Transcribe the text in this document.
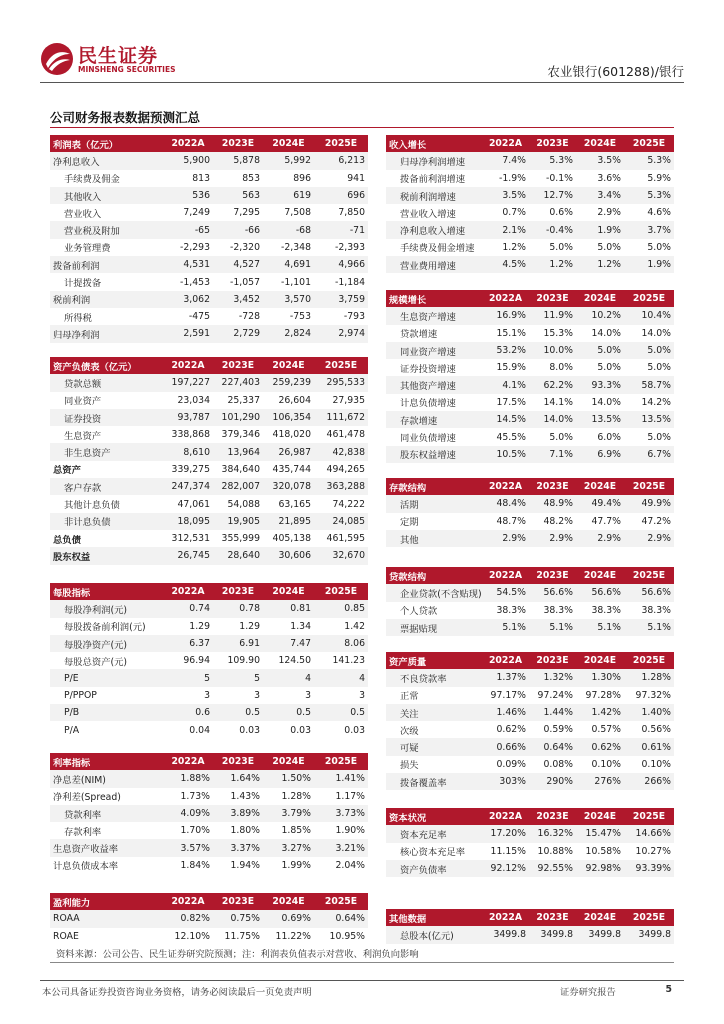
民生证券
MINSHENG SECURITIES	农业银行(601288)/银行
公司财务报表数据预测汇总
利润表（亿元）	2022A	2023E	2024E	2025E
净利息收入	5,900	5,878	5,992	6,213
手续费及佣金	813	853	896	941
其他收入	536	563	619	696
营业收入	7,249	7,295	7,508	7,850
营业税及附加	-65	-66	-68	-71
业务管理费	-2,293	-2,320	-2,348	-2,393
拨备前利润	4,531	4,527	4,691	4,966
计提拨备	-1,453	-1,057	-1,101	-1,184
税前利润	3,062	3,452	3,570	3,759
所得税	-475	-728	-753	-793
归母净利润	2,591	2,729	2,824	2,974
资产负债表（亿元）	2022A	2023E	2024E	2025E
贷款总额	197,227	227,403	259,239	295,533
同业资产	23,034	25,337	26,604	27,935
证券投资	93,787	101,290	106,354	111,672
生息资产	338,868	379,346	418,020	461,478
非生息资产	8,610	13,964	26,987	42,838
总资产	339,275	384,640	435,744	494,265
客户存款	247,374	282,007	320,078	363,288
其他计息负债	47,061	54,088	63,165	74,222
非计息负债	18,095	19,905	21,895	24,085
总负债	312,531	355,999	405,138	461,595
股东权益	26,745	28,640	30,606	32,670
每股指标	2022A	2023E	2024E	2025E
每股净利润(元)	0.74	0.78	0.81	0.85
每股拨备前利润(元)	1.29	1.29	1.34	1.42
每股净资产(元)	6.37	6.91	7.47	8.06
每股总资产(元)	96.94	109.90	124.50	141.23
P/E	5	5	4	4
P/PPOP	3	3	3	3
P/B	0.6	0.5	0.5	0.5
P/A	0.04	0.03	0.03	0.03
利率指标	2022A	2023E	2024E	2025E
净息差(NIM)	1.88%	1.64%	1.50%	1.41%
净利差(Spread)	1.73%	1.43%	1.28%	1.17%
贷款利率	4.09%	3.89%	3.79%	3.73%
存款利率	1.70%	1.80%	1.85%	1.90%
生息资产收益率	3.57%	3.37%	3.27%	3.21%
计息负债成本率	1.84%	1.94%	1.99%	2.04%
盈利能力	2022A	2023E	2024E	2025E
ROAA	0.82%	0.75%	0.69%	0.64%
ROAE	12.10%	11.75%	11.22%	10.95%
收入增长	2022A	2023E	2024E	2025E
归母净利润增速	7.4%	5.3%	3.5%	5.3%
拨备前利润增速	-1.9%	-0.1%	3.6%	5.9%
税前利润增速	3.5%	12.7%	3.4%	5.3%
营业收入增速	0.7%	0.6%	2.9%	4.6%
净利息收入增速	2.1%	-0.4%	1.9%	3.7%
手续费及佣金增速	1.2%	5.0%	5.0%	5.0%
营业费用增速	4.5%	1.2%	1.2%	1.9%
规模增长	2022A	2023E	2024E	2025E
生息资产增速	16.9%	11.9%	10.2%	10.4%
贷款增速	15.1%	15.3%	14.0%	14.0%
同业资产增速	53.2%	10.0%	5.0%	5.0%
证券投资增速	15.9%	8.0%	5.0%	5.0%
其他资产增速	4.1%	62.2%	93.3%	58.7%
计息负债增速	17.5%	14.1%	14.0%	14.2%
存款增速	14.5%	14.0%	13.5%	13.5%
同业负债增速	45.5%	5.0%	6.0%	5.0%
股东权益增速	10.5%	7.1%	6.9%	6.7%
存款结构	2022A	2023E	2024E	2025E
活期	48.4%	48.9%	49.4%	49.9%
定期	48.7%	48.2%	47.7%	47.2%
其他	2.9%	2.9%	2.9%	2.9%
贷款结构	2022A	2023E	2024E	2025E
企业贷款(不含贴现)	54.5%	56.6%	56.6%	56.6%
个人贷款	38.3%	38.3%	38.3%	38.3%
票据贴现	5.1%	5.1%	5.1%	5.1%
资产质量	2022A	2023E	2024E	2025E
不良贷款率	1.37%	1.32%	1.30%	1.28%
正常	97.17%	97.24%	97.28%	97.32%
关注	1.46%	1.44%	1.42%	1.40%
次级	0.62%	0.59%	0.57%	0.56%
可疑	0.66%	0.64%	0.62%	0.61%
损失	0.09%	0.08%	0.10%	0.10%
拨备覆盖率	303%	290%	276%	266%
资本状况	2022A	2023E	2024E	2025E
资本充足率	17.20%	16.32%	15.47%	14.66%
核心资本充足率	11.15%	10.88%	10.58%	10.27%
资产负债率	92.12%	92.55%	92.98%	93.39%
其他数据	2022A	2023E	2024E	2025E
总股本(亿元)	3499.8	3499.8	3499.8	3499.8
资料来源：公司公告、民生证券研究院预测；注：利润表负值表示对营收、利润负向影响
本公司具备证券投资咨询业务资格，请务必阅读最后一页免责声明	证券研究报告	5
